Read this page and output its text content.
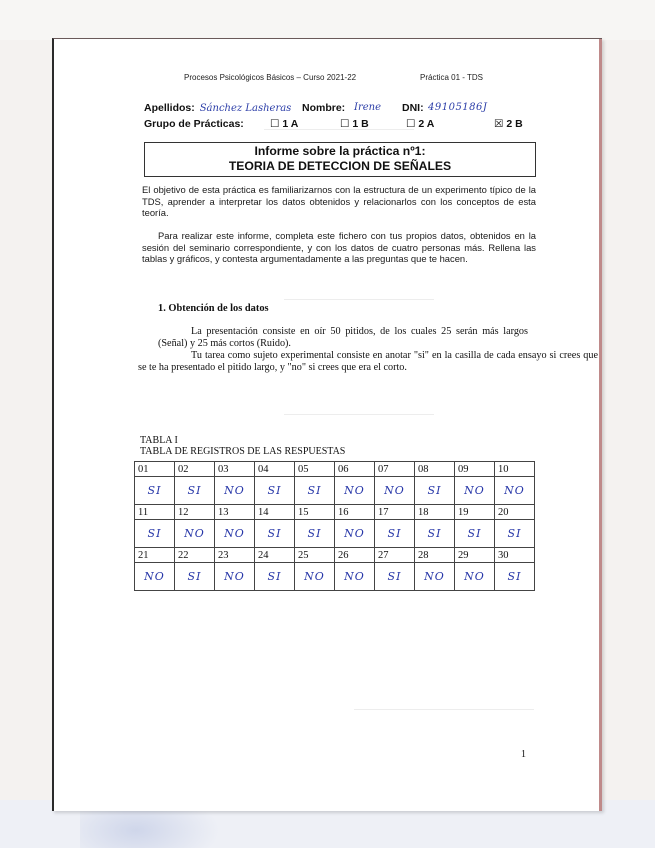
Procesos Psicológicos Básicos – Curso 2021-22	Práctica 01 - TDS
Apellidos: Sánchez Lasheras Nombre: Irene DNI: 49105186J
Grupo de Prácticas: ☐ 1 A	☐ 1 B	☐ 2 A	☒ 2 B
Informe sobre la práctica nº1:
TEORIA DE DETECCION DE SEÑALES
El objetivo de esta práctica es familiarizarnos con la estructura de un experimento típico de la TDS, aprender a interpretar los datos obtenidos y relacionarlos con los conceptos de esta teoría.
Para realizar este informe, completa este fichero con tus propios datos, obtenidos en la sesión del seminario correspondiente, y con los datos de cuatro personas más. Rellena las tablas y gráficos, y contesta argumentadamente a las preguntas que te hacen.
1. Obtención de los datos
La presentación consiste en oír 50 pitidos, de los cuales 25 serán más largos (Señal) y 25 más cortos (Ruido).
Tu tarea como sujeto experimental consiste en anotar "si" en la casilla de cada ensayo si crees que se te ha presentado el pitido largo, y "no" si crees que era el corto.
TABLA I
TABLA DE REGISTROS DE LAS RESPUESTAS
01	02	03	04	05	06	07	08	09	10
SI	SI	NO	SI	SI	NO	NO	SI	NO	NO
11	12	13	14	15	16	17	18	19	20
SI	NO	NO	SI	SI	NO	SI	SI	SI	SI
21	22	23	24	25	26	27	28	29	30
NO	SI	NO	SI	NO	NO	SI	NO	NO	SI
1
